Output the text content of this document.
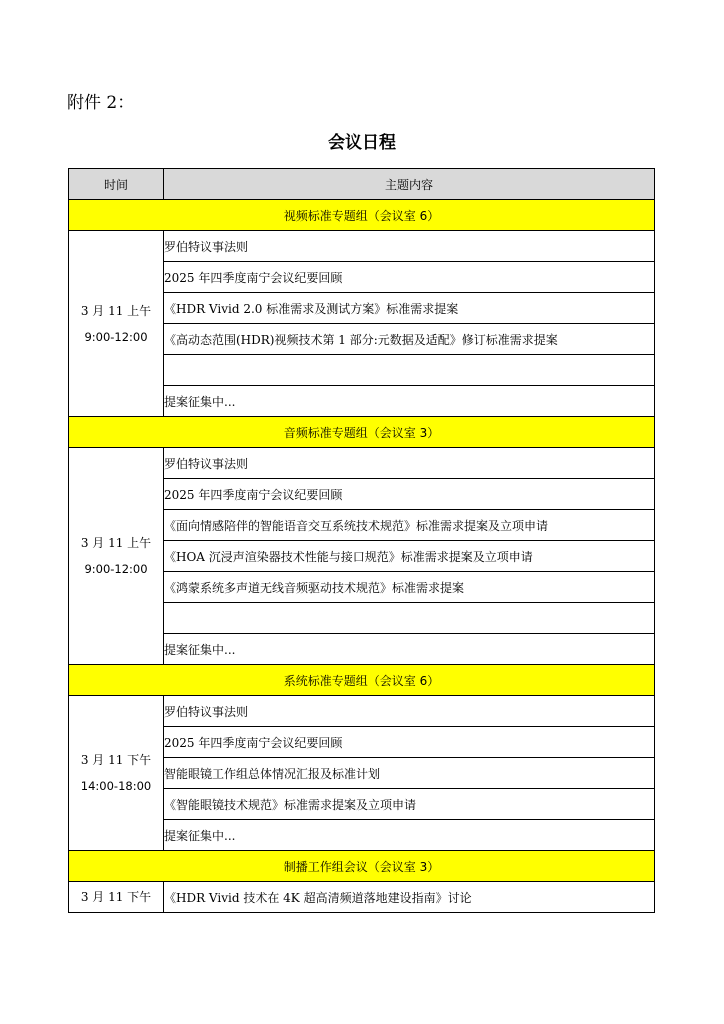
附件 2：
会议日程
时间	主题内容
视频标准专题组（会议室 6）	

3 月 11 上午
9:00-12:00	罗伯特议事法则
	2025 年四季度南宁会议纪要回顾
	《HDR Vivid 2.0 标准需求及测试方案》标准需求提案
	《高动态范围(HDR)视频技术第 1 部分:元数据及适配》修订标准需求提案

	提案征集中...
音频标准专题组（会议室 3）	

3 月 11 上午
9:00-12:00	罗伯特议事法则
	2025 年四季度南宁会议纪要回顾
	《面向情感陪伴的智能语音交互系统技术规范》标准需求提案及立项申请
	《HOA 沉浸声渲染器技术性能与接口规范》标准需求提案及立项申请
	《鸿蒙系统多声道无线音频驱动技术规范》标准需求提案

	提案征集中...
系统标准专题组（会议室 6）	

3 月 11 下午
14:00-18:00	罗伯特议事法则
	2025 年四季度南宁会议纪要回顾
	智能眼镜工作组总体情况汇报及标准计划
	《智能眼镜技术规范》标准需求提案及立项申请
	提案征集中...
制播工作组会议（会议室 3）	

3 月 11 下午	《HDR Vivid 技术在 4K 超高清频道落地建设指南》讨论
